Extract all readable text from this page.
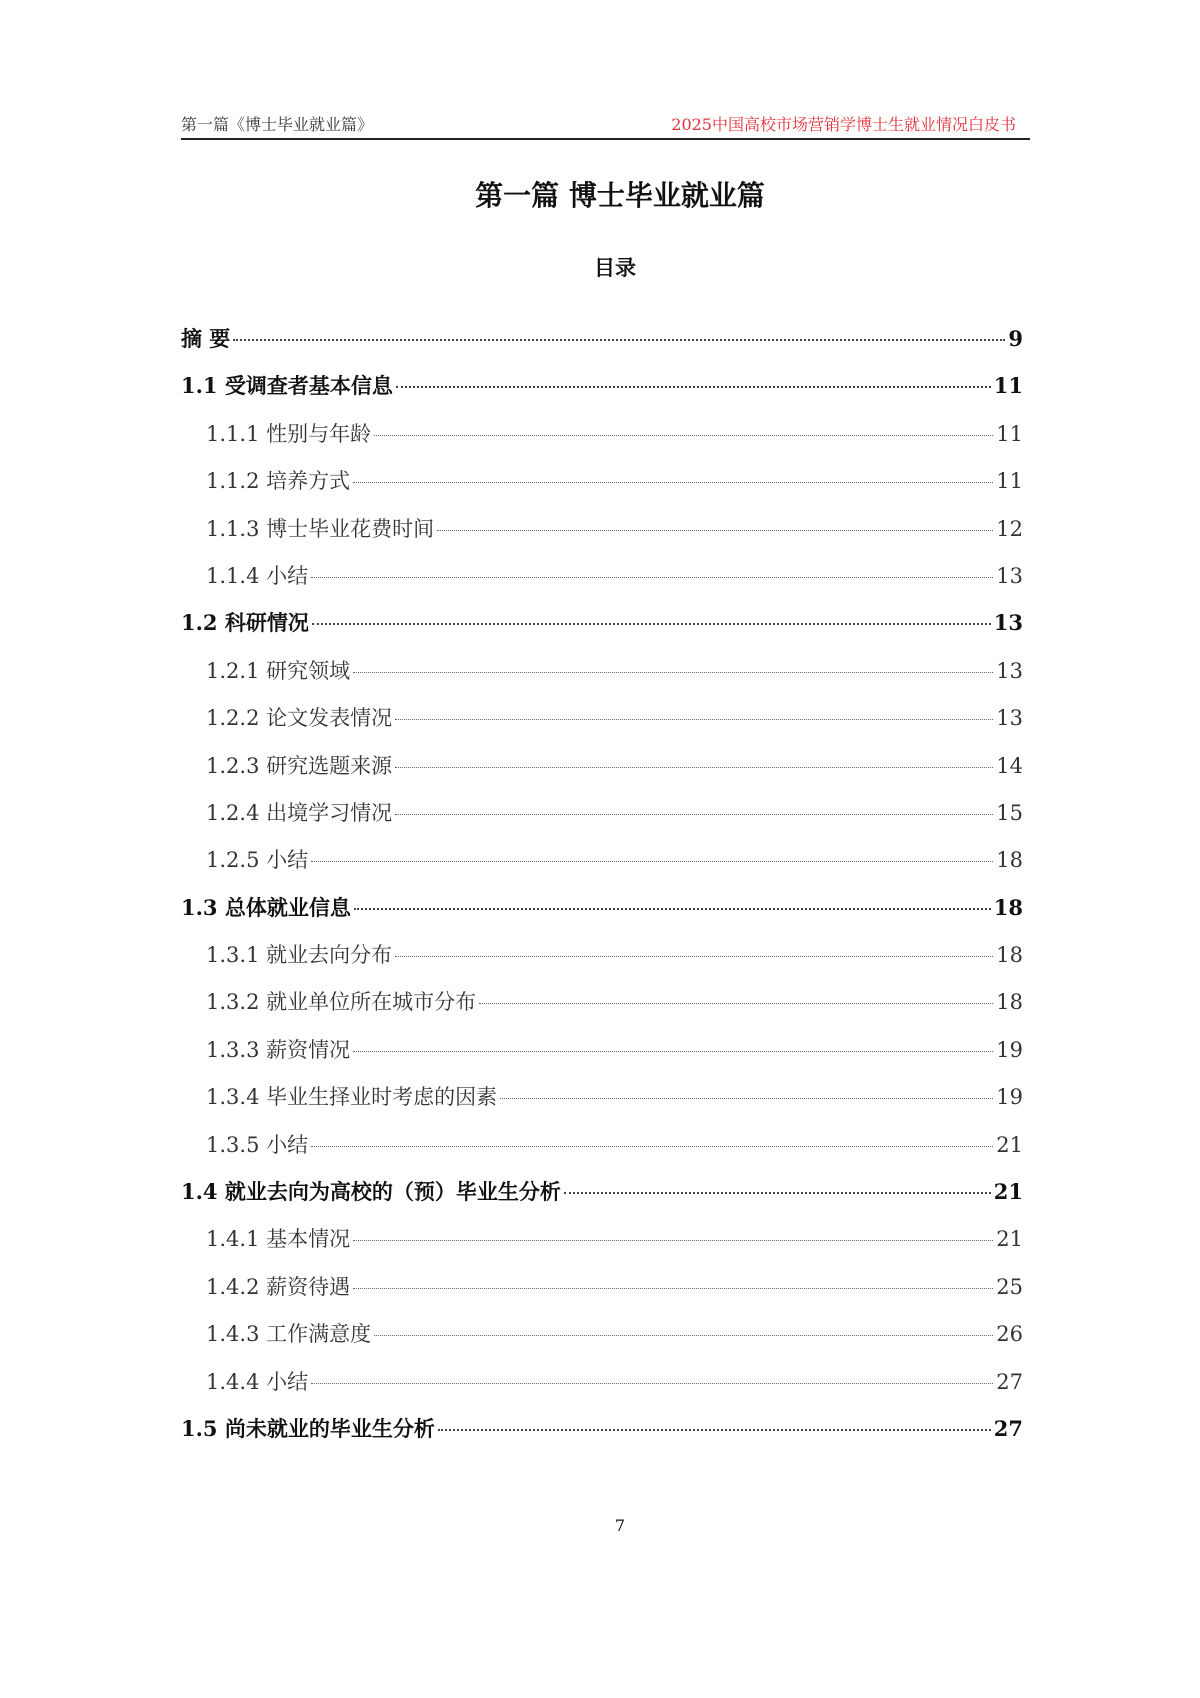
第一篇《博士毕业就业篇》	2025中国高校市场营销学博士生就业情况白皮书
第一篇 博士毕业就业篇
目录
摘 要	9
1.1 受调查者基本信息	11
1.1.1 性别与年龄	11
1.1.2 培养方式	11
1.1.3 博士毕业花费时间	12
1.1.4 小结	13
1.2 科研情况	13
1.2.1 研究领域	13
1.2.2 论文发表情况	13
1.2.3 研究选题来源	14
1.2.4 出境学习情况	15
1.2.5 小结	18
1.3 总体就业信息	18
1.3.1 就业去向分布	18
1.3.2 就业单位所在城市分布	18
1.3.3 薪资情况	19
1.3.4 毕业生择业时考虑的因素	19
1.3.5 小结	21
1.4 就业去向为高校的（预）毕业生分析	21
1.4.1 基本情况	21
1.4.2 薪资待遇	25
1.4.3 工作满意度	26
1.4.4 小结	27
1.5 尚未就业的毕业生分析	27
7
